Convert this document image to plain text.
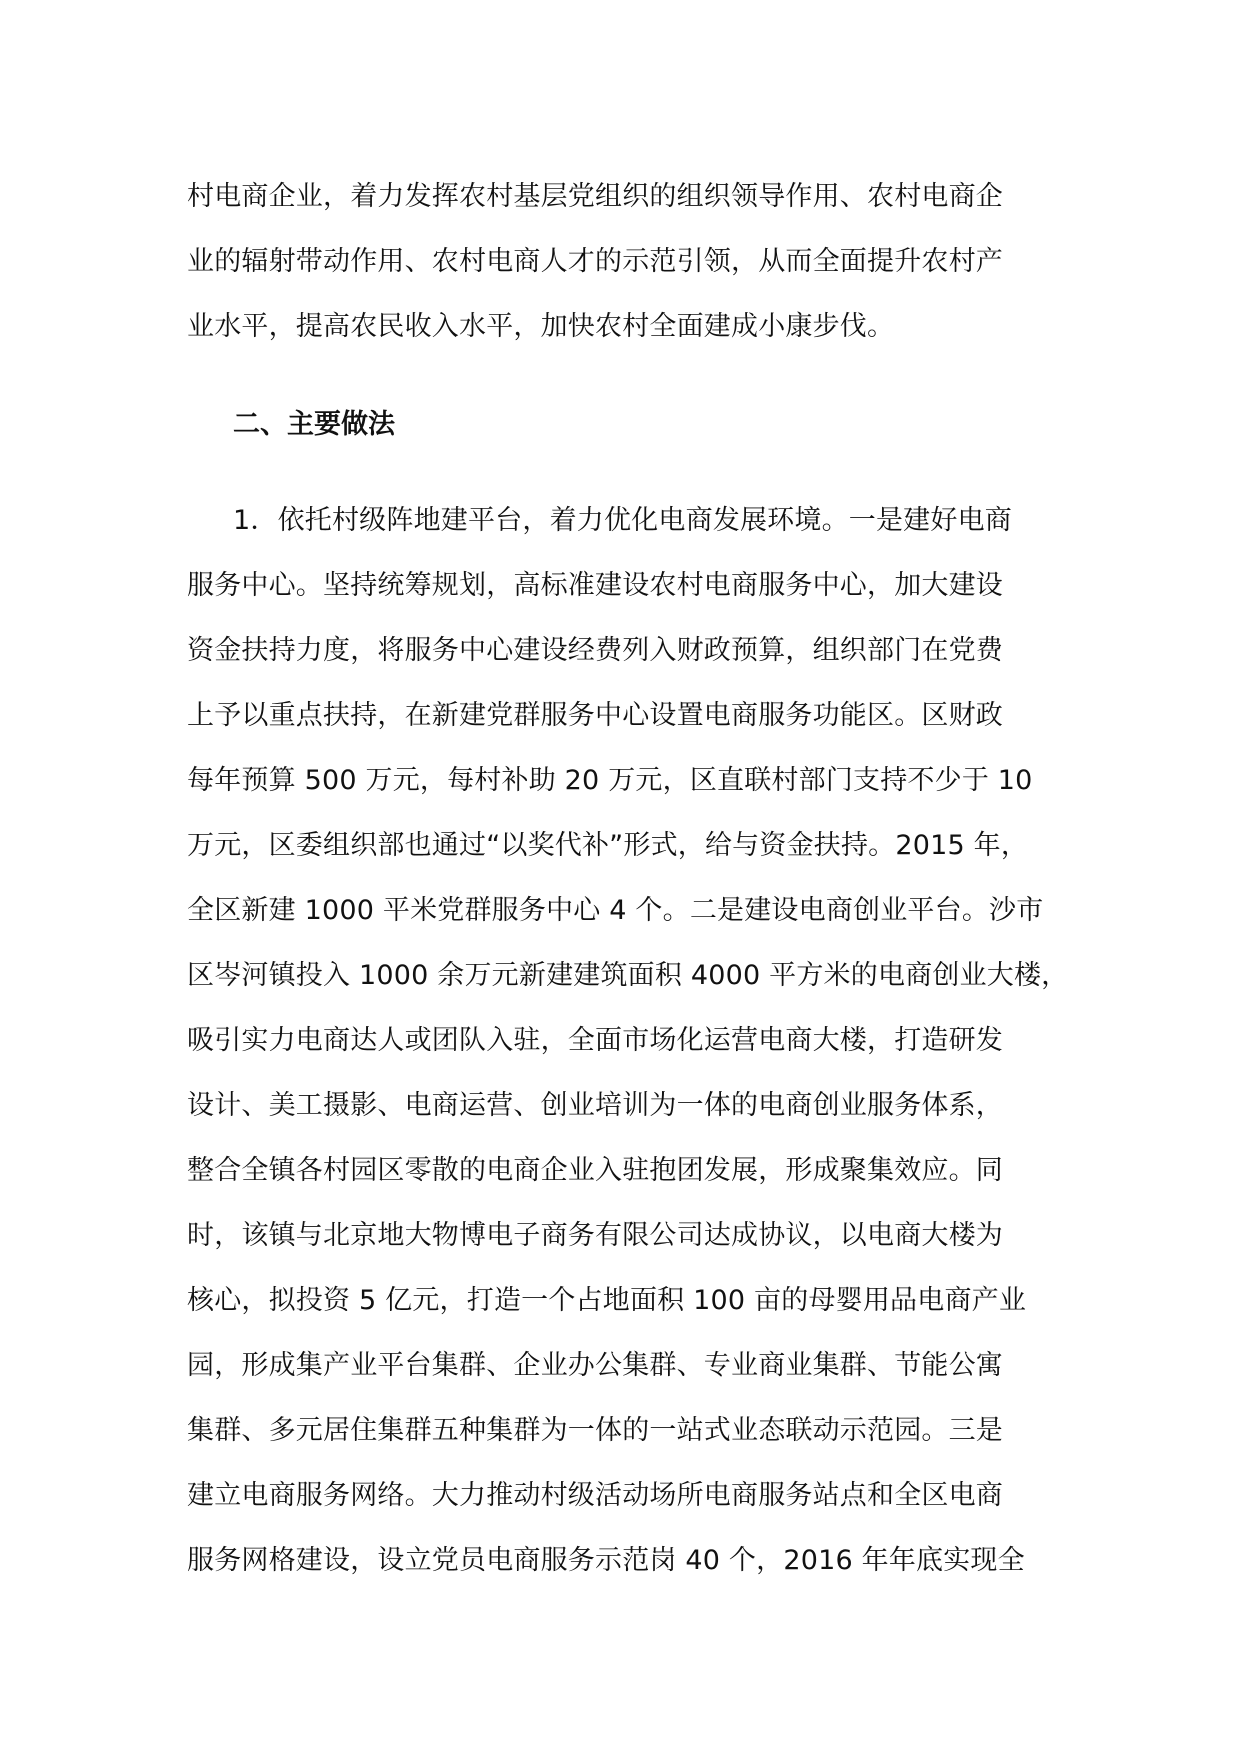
村电商企业，着力发挥农村基层党组织的组织领导作用、农村电商企
业的辐射带动作用、农村电商人才的示范引领，从而全面提升农村产
业水平，提高农民收入水平，加快农村全面建成小康步伐。
二、主要做法
1．依托村级阵地建平台，着力优化电商发展环境。一是建好电商
服务中心。坚持统筹规划，高标准建设农村电商服务中心，加大建设
资金扶持力度，将服务中心建设经费列入财政预算，组织部门在党费
上予以重点扶持，在新建党群服务中心设置电商服务功能区。区财政
每年预算 500 万元，每村补助 20 万元，区直联村部门支持不少于 10
万元，区委组织部也通过“以奖代补”形式，给与资金扶持。2015 年，
全区新建 1000 平米党群服务中心 4 个。二是建设电商创业平台。沙市
区岑河镇投入 1000 余万元新建建筑面积 4000 平方米的电商创业大楼，
吸引实力电商达人或团队入驻，全面市场化运营电商大楼，打造研发
设计、美工摄影、电商运营、创业培训为一体的电商创业服务体系，
整合全镇各村园区零散的电商企业入驻抱团发展，形成聚集效应。同
时，该镇与北京地大物博电子商务有限公司达成协议，以电商大楼为
核心，拟投资 5 亿元，打造一个占地面积 100 亩的母婴用品电商产业
园，形成集产业平台集群、企业办公集群、专业商业集群、节能公寓
集群、多元居住集群五种集群为一体的一站式业态联动示范园。三是
建立电商服务网络。大力推动村级活动场所电商服务站点和全区电商
服务网格建设，设立党员电商服务示范岗 40 个，2016 年年底实现全
